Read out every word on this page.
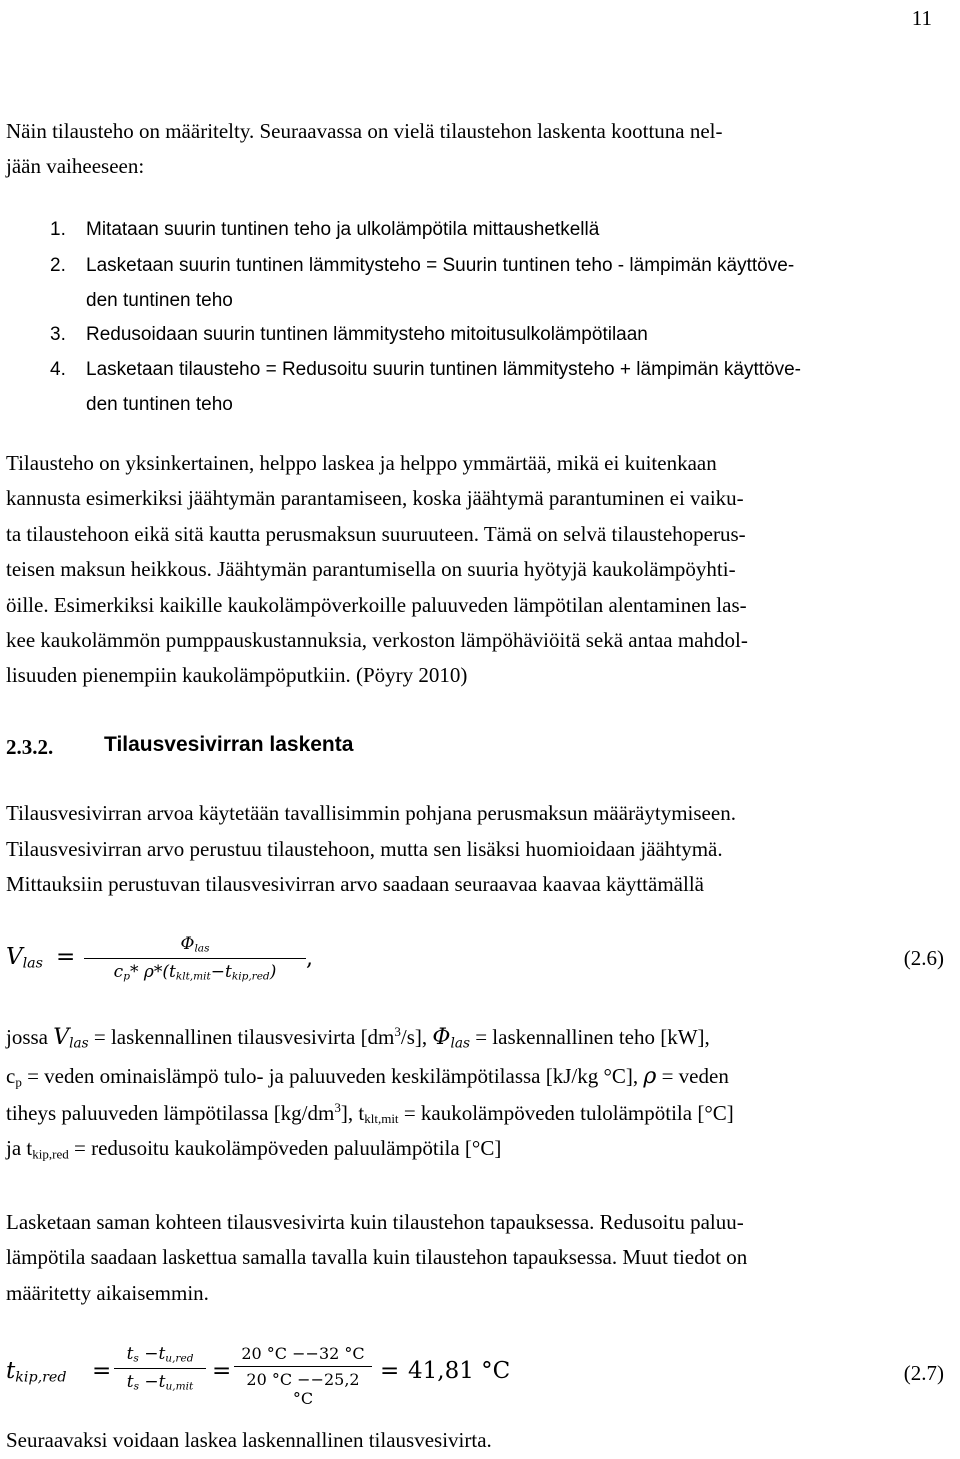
11
Näin tilausteho on määritelty. Seuraavassa on vielä tilaustehon laskenta koottuna nel-
jään vaiheeseen:
1. Mitataan suurin tuntinen teho ja ulkolämpötila mittaushetkellä
2. Lasketaan suurin tuntinen lämmitysteho = Suurin tuntinen teho - lämpimän käyttöve-
den tuntinen teho
3. Redusoidaan suurin tuntinen lämmitysteho mitoitusulkolämpötilaan
4. Lasketaan tilausteho = Redusoitu suurin tuntinen lämmitysteho + lämpimän käyttöve-
den tuntinen teho
Tilausteho on yksinkertainen, helppo laskea ja helppo ymmärtää, mikä ei kuitenkaan
kannusta esimerkiksi jäähtymän parantamiseen, koska jäähtymä parantuminen ei vaiku-
ta tilaustehoon eikä sitä kautta perusmaksun suuruuteen. Tämä on selvä tilaustehoperus-
teisen maksun heikkous. Jäähtymän parantumisella on suuria hyötyjä kaukolämpöyhti-
öille. Esimerkiksi kaikille kaukolämpöverkoille paluuveden lämpötilan alentaminen las-
kee kaukolämmön pumppauskustannuksia, verkoston lämpöhäviöitä sekä antaa mahdol-
lisuuden pienempiin kaukolämpöputkiin. (Pöyry 2010)
2.3.2. Tilausvesivirran laskenta
Tilausvesivirran arvoa käytetään tavallisimmin pohjana perusmaksun määräytymiseen.
Tilausvesivirran arvo perustuu tilaustehoon, mutta sen lisäksi huomioidaan jäähtymä.
Mittauksiin perustuvan tilausvesivirran arvo saadaan seuraavaa kaavaa käyttämällä
$V_{las}$ =	$\Phi_{las}$
$c_p*$ $\rho*(t_{klt,mit}-t_{kip,red})$
,	(2.6)
jossa $V_{las}$ = laskennallinen tilausvesivirta $[dm^3/s]$, $\Phi_{las}$ = laskennallinen teho [kW],
$c_p$ = veden ominaislämpö tulo- ja paluuveden keskilämpötilassa [kJ/kg °C], ρ = veden
tiheys paluuveden lämpötilassa $[kg/dm^3]$, $t_{klt,mit}$ = kaukolämpöveden tulolämpötila [°C]
ja $t_{kip,red}$ = redusoitu kaukolämpöveden paluulämpötila [°C]
Lasketaan saman kohteen tilausvesivirta kuin tilaustehon tapauksessa. Redusoitu paluu-
lämpötila saadaan laskettua samalla tavalla kuin tilaustehon tapauksessa. Muut tiedot on
määritetty aikaisemmin.
$t_{kip,red}$ =
$t_s -t_{u,red}$
$t_s -t_{u,mit}$
=
20 °C −−32 °C
20 °C −−25,2 °C
= 41,81 °C	(2.7)
Seuraavaksi voidaan laskea laskennallinen tilausvesivirta.
